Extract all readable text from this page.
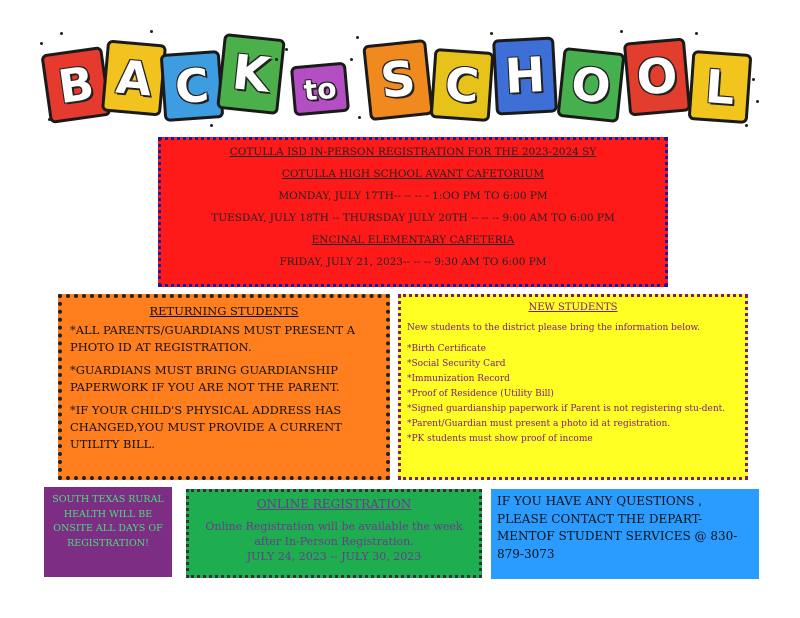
B A C K	to S C H O O L
COTULLA ISD IN-PERSON REGISTRATION FOR THE 2023-2024 SY
COTULLA HIGH SCHOOL AVANT CAFETORIUM
MONDAY, JULY 17TH-- -- -- - 1:OO PM TO 6:00 PM
TUESDAY, JULY 18TH -- THURSDAY JULY 20TH -- -- -- 9:00 AM TO 6:00 PM
ENCINAL ELEMENTARY CAFETERIA
FRIDAY, JULY 21, 2023-- -- -- 9:30 AM TO 6:00 PM
RETURNING STUDENTS
*ALL PARENTS/GUARDIANS MUST PRESENT A PHOTO ID AT REGISTRATION.
*GUARDIANS MUST BRING GUARDIANSHIP PAPERWORK IF YOU ARE NOT THE PARENT.
*IF YOUR CHILD'S PHYSICAL ADDRESS HAS CHANGED,YOU MUST PROVIDE A CURRENT UTILITY BILL.
NEW STUDENTS
New students to the district please bring the information below.
*Birth Certificate
*Social Security Card
*Immunization Record
*Proof of Residence (Utility Bill)
*Signed guardianship paperwork if Parent is not registering stu-dent.
*Parent/Guardian must present a photo id at registration.
*PK students must show proof of income
SOUTH TEXAS RURAL HEALTH WILL BE ONSITE ALL DAYS OF REGISTRATION!
ONLINE REGISTRATION
Online Registration will be available the week after In-Person Registration.
JULY 24, 2023 -- JULY 30, 2023
IF YOU HAVE ANY QUESTIONS , PLEASE CONTACT THE DEPART-MENTOF STUDENT SERVICES @ 830-879-3073
